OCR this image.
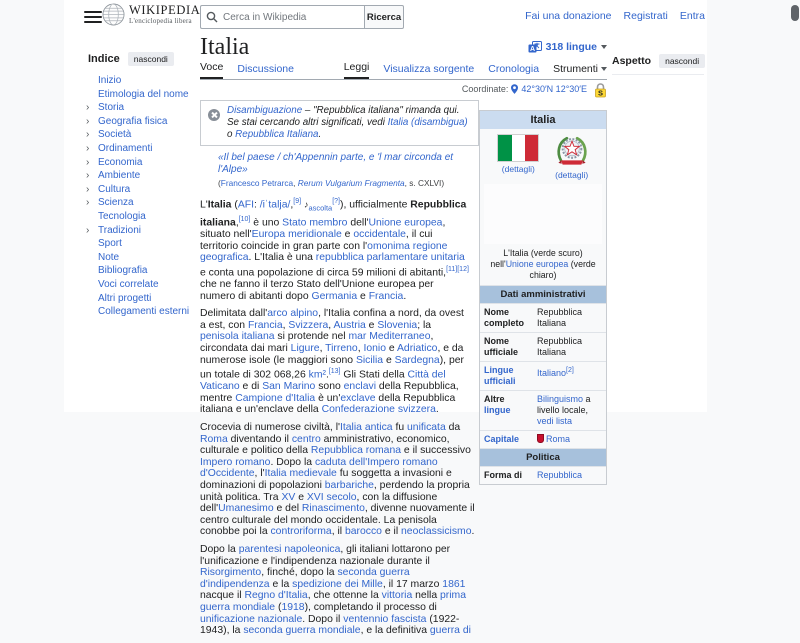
WIKIPEDIA
L'enciclopedia libera
Cerca in Wikipedia	Ricerca	Fai una donazione Registrati Entra
Indice	nascondi
Inizio
Etimologia del nome
› Storia
› Geografia fisica
› Società
› Ordinamenti
› Economia
› Ambiente
› Cultura
› Scienza
Tecnologia
› Tradizioni
Sport
Note
Bibliografia
Voci correlate
Altri progetti
Collegamenti esterni
Aspetto	nascondi
Italia	A 318 lingue
Voce Discussione	Leggi Visualizza sorgente Cronologia Strumenti
Coordinate: 42°30′N 12°30′E S
Italia
(dettagli)
(dettagli)
L'Italia (verde scuro) nell'Unione europea (verde chiaro)
Dati amministrativi	
Nome completo	Repubblica Italiana
Nome ufficiale	Repubblica Italiana
Lingue ufficiali	Italiano[2]
Altre lingue	Bilinguismo a livello locale, vedi lista
Capitale	Roma
Politica	
Forma di	Repubblica

Disambiguazione – "Repubblica italiana" rimanda qui. Se stai cercando altri significati, vedi Italia (disambigua) o Repubblica Italiana.

«Il bel paese / ch'Appennin parte, e 'l mar circonda et l'Alpe»
(Francesco Petrarca, Rerum Vulgarium Fragmenta, s. CXLVI)

L'Italia (AFI: /iˈtalja/,[9] $♪_{ascolta}[?]$), ufficialmente Repubblica italiana,[10] è uno Stato membro dell'Unione europea, situato nell'Europa meridionale e occidentale, il cui territorio coincide in gran parte con l'omonima regione geografica. L'Italia è una repubblica parlamentare unitaria e conta una popolazione di circa 59 milioni di abitanti,[11][12] che ne fanno il terzo Stato dell'Unione europea per numero di abitanti dopo Germania e Francia.

Delimitata dall'arco alpino, l'Italia confina a nord, da ovest a est, con Francia, Svizzera, Austria e Slovenia; la penisola italiana si protende nel mar Mediterraneo, circondata dai mari Ligure, Tirreno, Ionio e Adriatico, e da numerose isole (le maggiori sono Sicilia e Sardegna), per un totale di 302 068,26 km².[13] Gli Stati della Città del Vaticano e di San Marino sono enclavi della Repubblica, mentre Campione d'Italia è un'exclave della Repubblica italiana e un'enclave della Confederazione svizzera.

Crocevia di numerose civiltà, l'Italia antica fu unificata da Roma diventando il centro amministrativo, economico, culturale e politico della Repubblica romana e il successivo Impero romano. Dopo la caduta dell'Impero romano d'Occidente, l'Italia medievale fu soggetta a invasioni e dominazioni di popolazioni barbariche, perdendo la propria unità politica. Tra XV e XVI secolo, con la diffusione dell'Umanesimo e del Rinascimento, divenne nuovamente il centro culturale del mondo occidentale. La penisola conobbe poi la controriforma, il barocco e il neoclassicismo.

Dopo la parentesi napoleonica, gli italiani lottarono per l'unificazione e l'indipendenza nazionale durante il Risorgimento, finché, dopo la seconda guerra d'indipendenza e la spedizione dei Mille, il 17 marzo 1861 nacque il Regno d'Italia, che ottenne la vittoria nella prima guerra mondiale (1918), completando il processo di unificazione nazionale. Dopo il ventennio fascista (1922-1943), la seconda guerra mondiale, e la definitiva guerra di
